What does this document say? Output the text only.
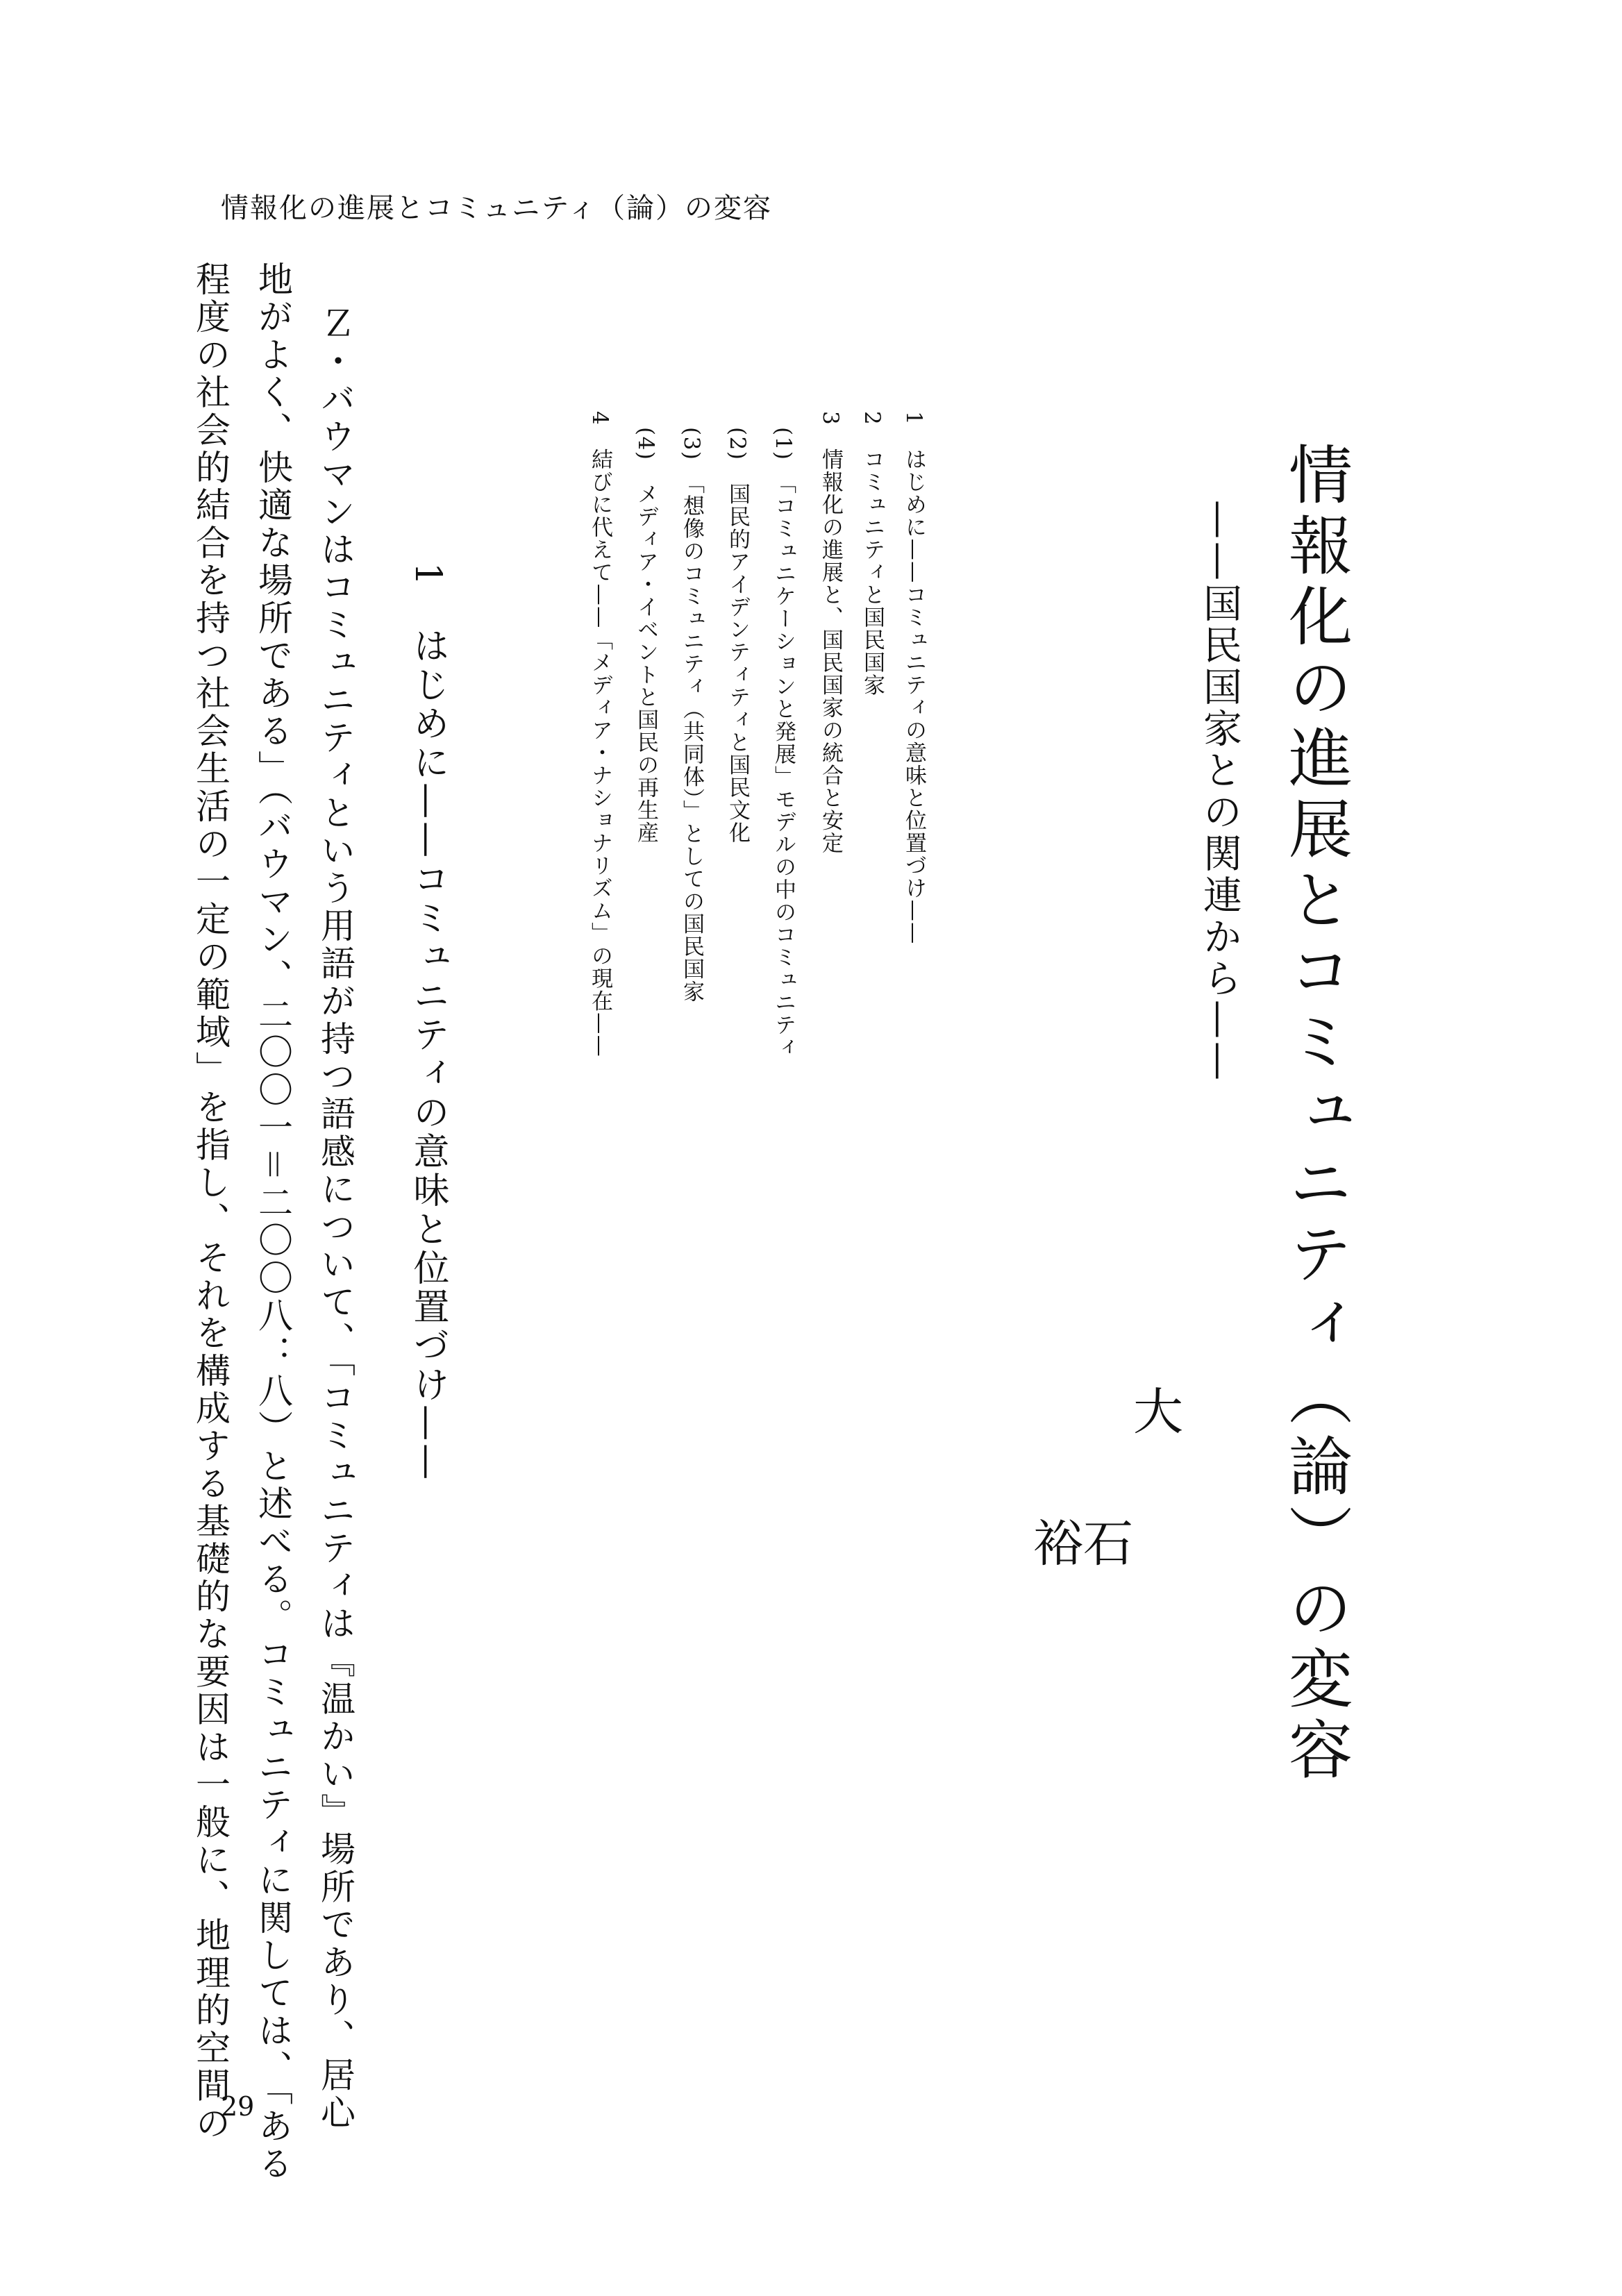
情報化の進展とコミュニティ（論）の変容
情報化の進展とコミュニティ（論）の変容
——国民国家との関連から——
大
石
裕
1　はじめに——コミュニティの意味と位置づけ——
2　コミュニティと国民国家
3　情報化の進展と、国民国家の統合と安定
(1)　「コミュニケーションと発展」モデルの中のコミュニティ
(2)　国民的アイデンティティと国民文化
(3)　「想像のコミュニティ（共同体）」としての国民国家
(4)　メディア・イベントと国民の再生産
4　結びに代えて——「メディア・ナショナリズム」の現在——
1　はじめに——コミュニティの意味と位置づけ——
Ｚ・バウマンはコミュニティという用語が持つ語感について、「コミュニティは『温かい』場所であり、居心
地がよく、快適な場所である」（バウマン、二〇〇一＝二〇〇八：八）と述べる。コミュニティに関しては、「ある
程度の社会的結合を持つ社会生活の一定の範域」を指し、それを構成する基礎的な要因は一般に、地理的空間の
29
